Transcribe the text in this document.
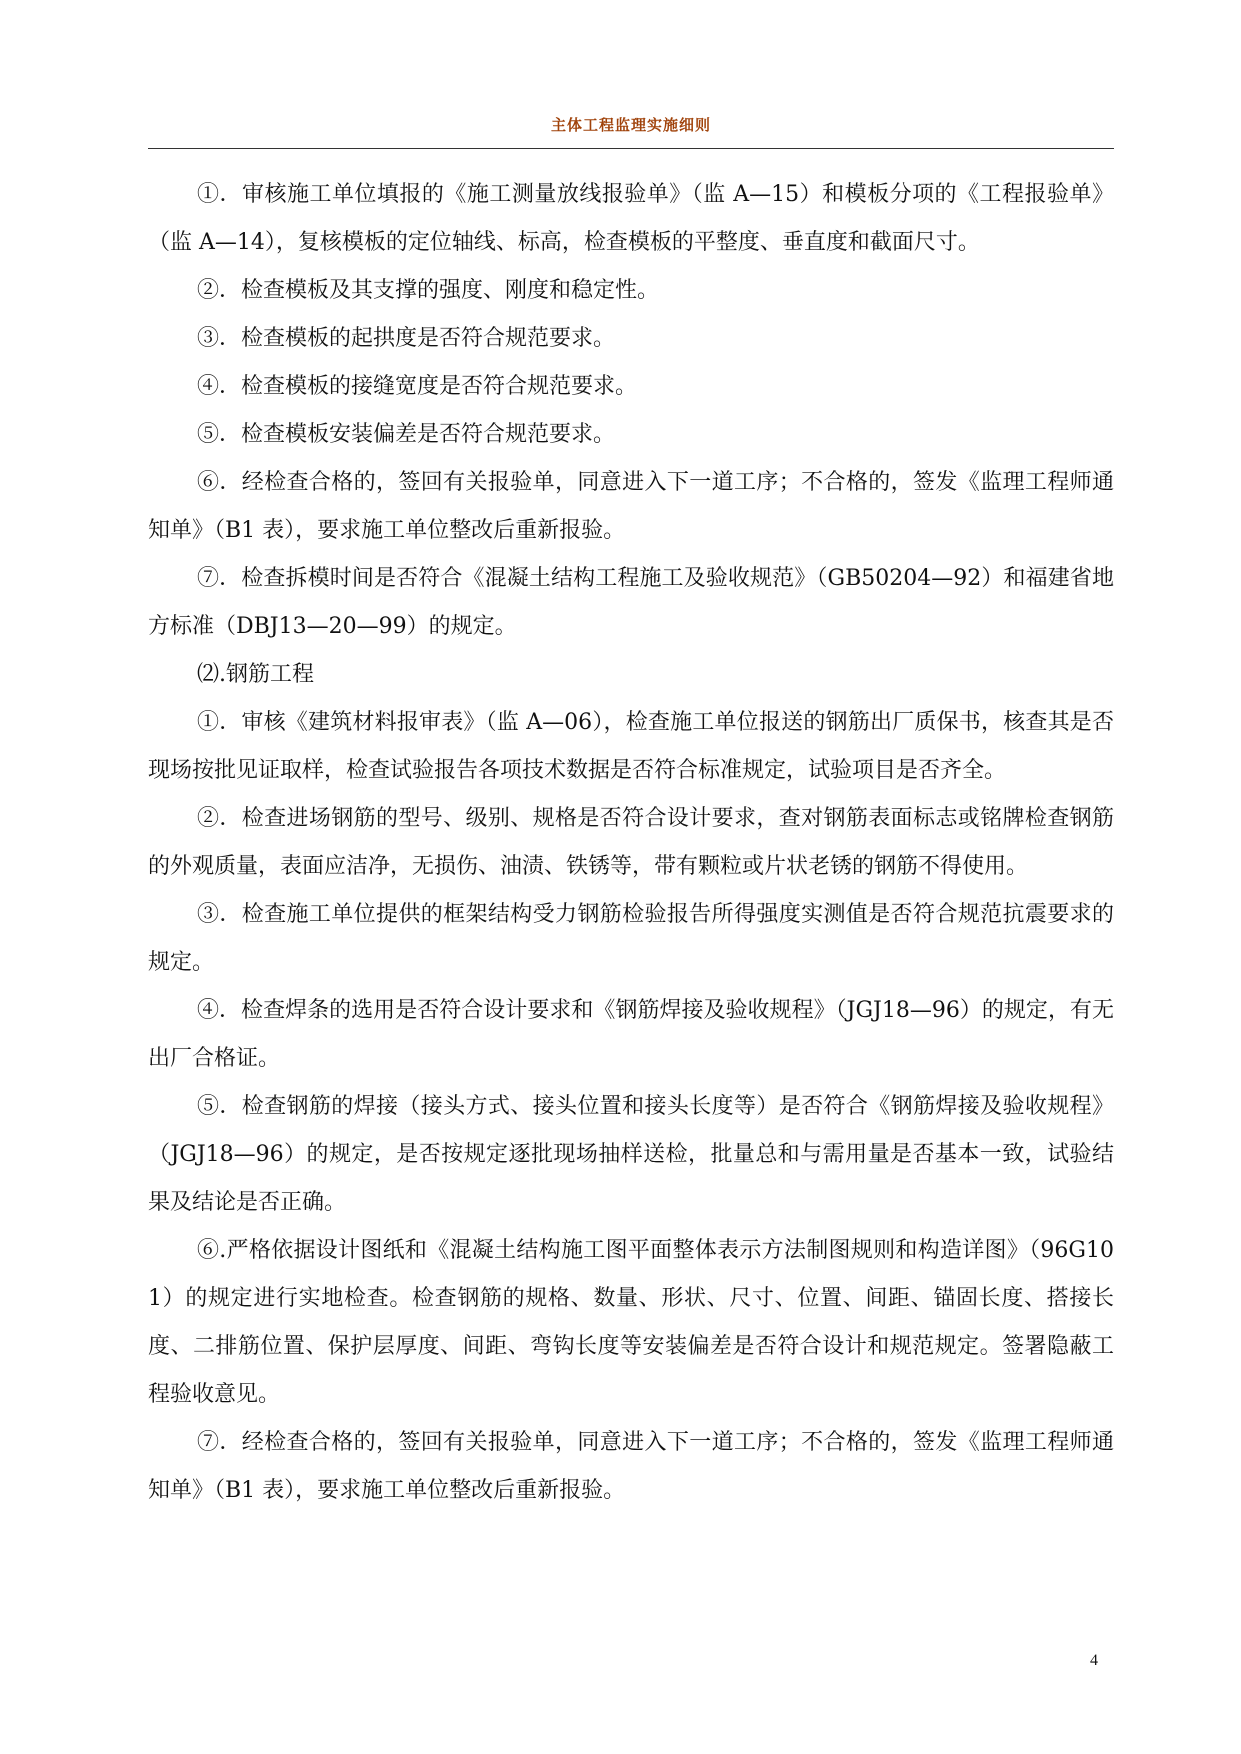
主体工程监理实施细则

①．审核施工单位填报的《施工测量放线报验单》（监 A—15）和模板分项的《工程报验单》（监 A—14），复核模板的定位轴线、标高，检查模板的平整度、垂直度和截面尺寸。

②．检查模板及其支撑的强度、刚度和稳定性。

③．检查模板的起拱度是否符合规范要求。

④．检查模板的接缝宽度是否符合规范要求。

⑤．检查模板安装偏差是否符合规范要求。

⑥．经检查合格的，签回有关报验单，同意进入下一道工序；不合格的，签发《监理工程师通知单》（B1 表），要求施工单位整改后重新报验。

⑦．检查拆模时间是否符合《混凝土结构工程施工及验收规范》（GB50204—92）和福建省地方标准（DBJ13—20—99）的规定。

⑵.钢筋工程

①．审核《建筑材料报审表》（监 A—06），检查施工单位报送的钢筋出厂质保书，核查其是否现场按批见证取样，检查试验报告各项技术数据是否符合标准规定，试验项目是否齐全。

②．检查进场钢筋的型号、级别、规格是否符合设计要求，查对钢筋表面标志或铭牌检查钢筋的外观质量，表面应洁净，无损伤、油渍、铁锈等，带有颗粒或片状老锈的钢筋不得使用。

③．检查施工单位提供的框架结构受力钢筋检验报告所得强度实测值是否符合规范抗震要求的规定。

④．检查焊条的选用是否符合设计要求和《钢筋焊接及验收规程》（JGJ18—96）的规定，有无出厂合格证。

⑤．检查钢筋的焊接（接头方式、接头位置和接头长度等）是否符合《钢筋焊接及验收规程》（JGJ18—96）的规定，是否按规定逐批现场抽样送检，批量总和与需用量是否基本一致，试验结果及结论是否正确。

⑥.严格依据设计图纸和《混凝土结构施工图平面整体表示方法制图规则和构造详图》（96G101）的规定进行实地检查。检查钢筋的规格、数量、形状、尺寸、位置、间距、锚固长度、搭接长度、二排筋位置、保护层厚度、间距、弯钩长度等安装偏差是否符合设计和规范规定。签署隐蔽工程验收意见。

⑦．经检查合格的，签回有关报验单，同意进入下一道工序；不合格的，签发《监理工程师通知单》（B1 表），要求施工单位整改后重新报验。

4
